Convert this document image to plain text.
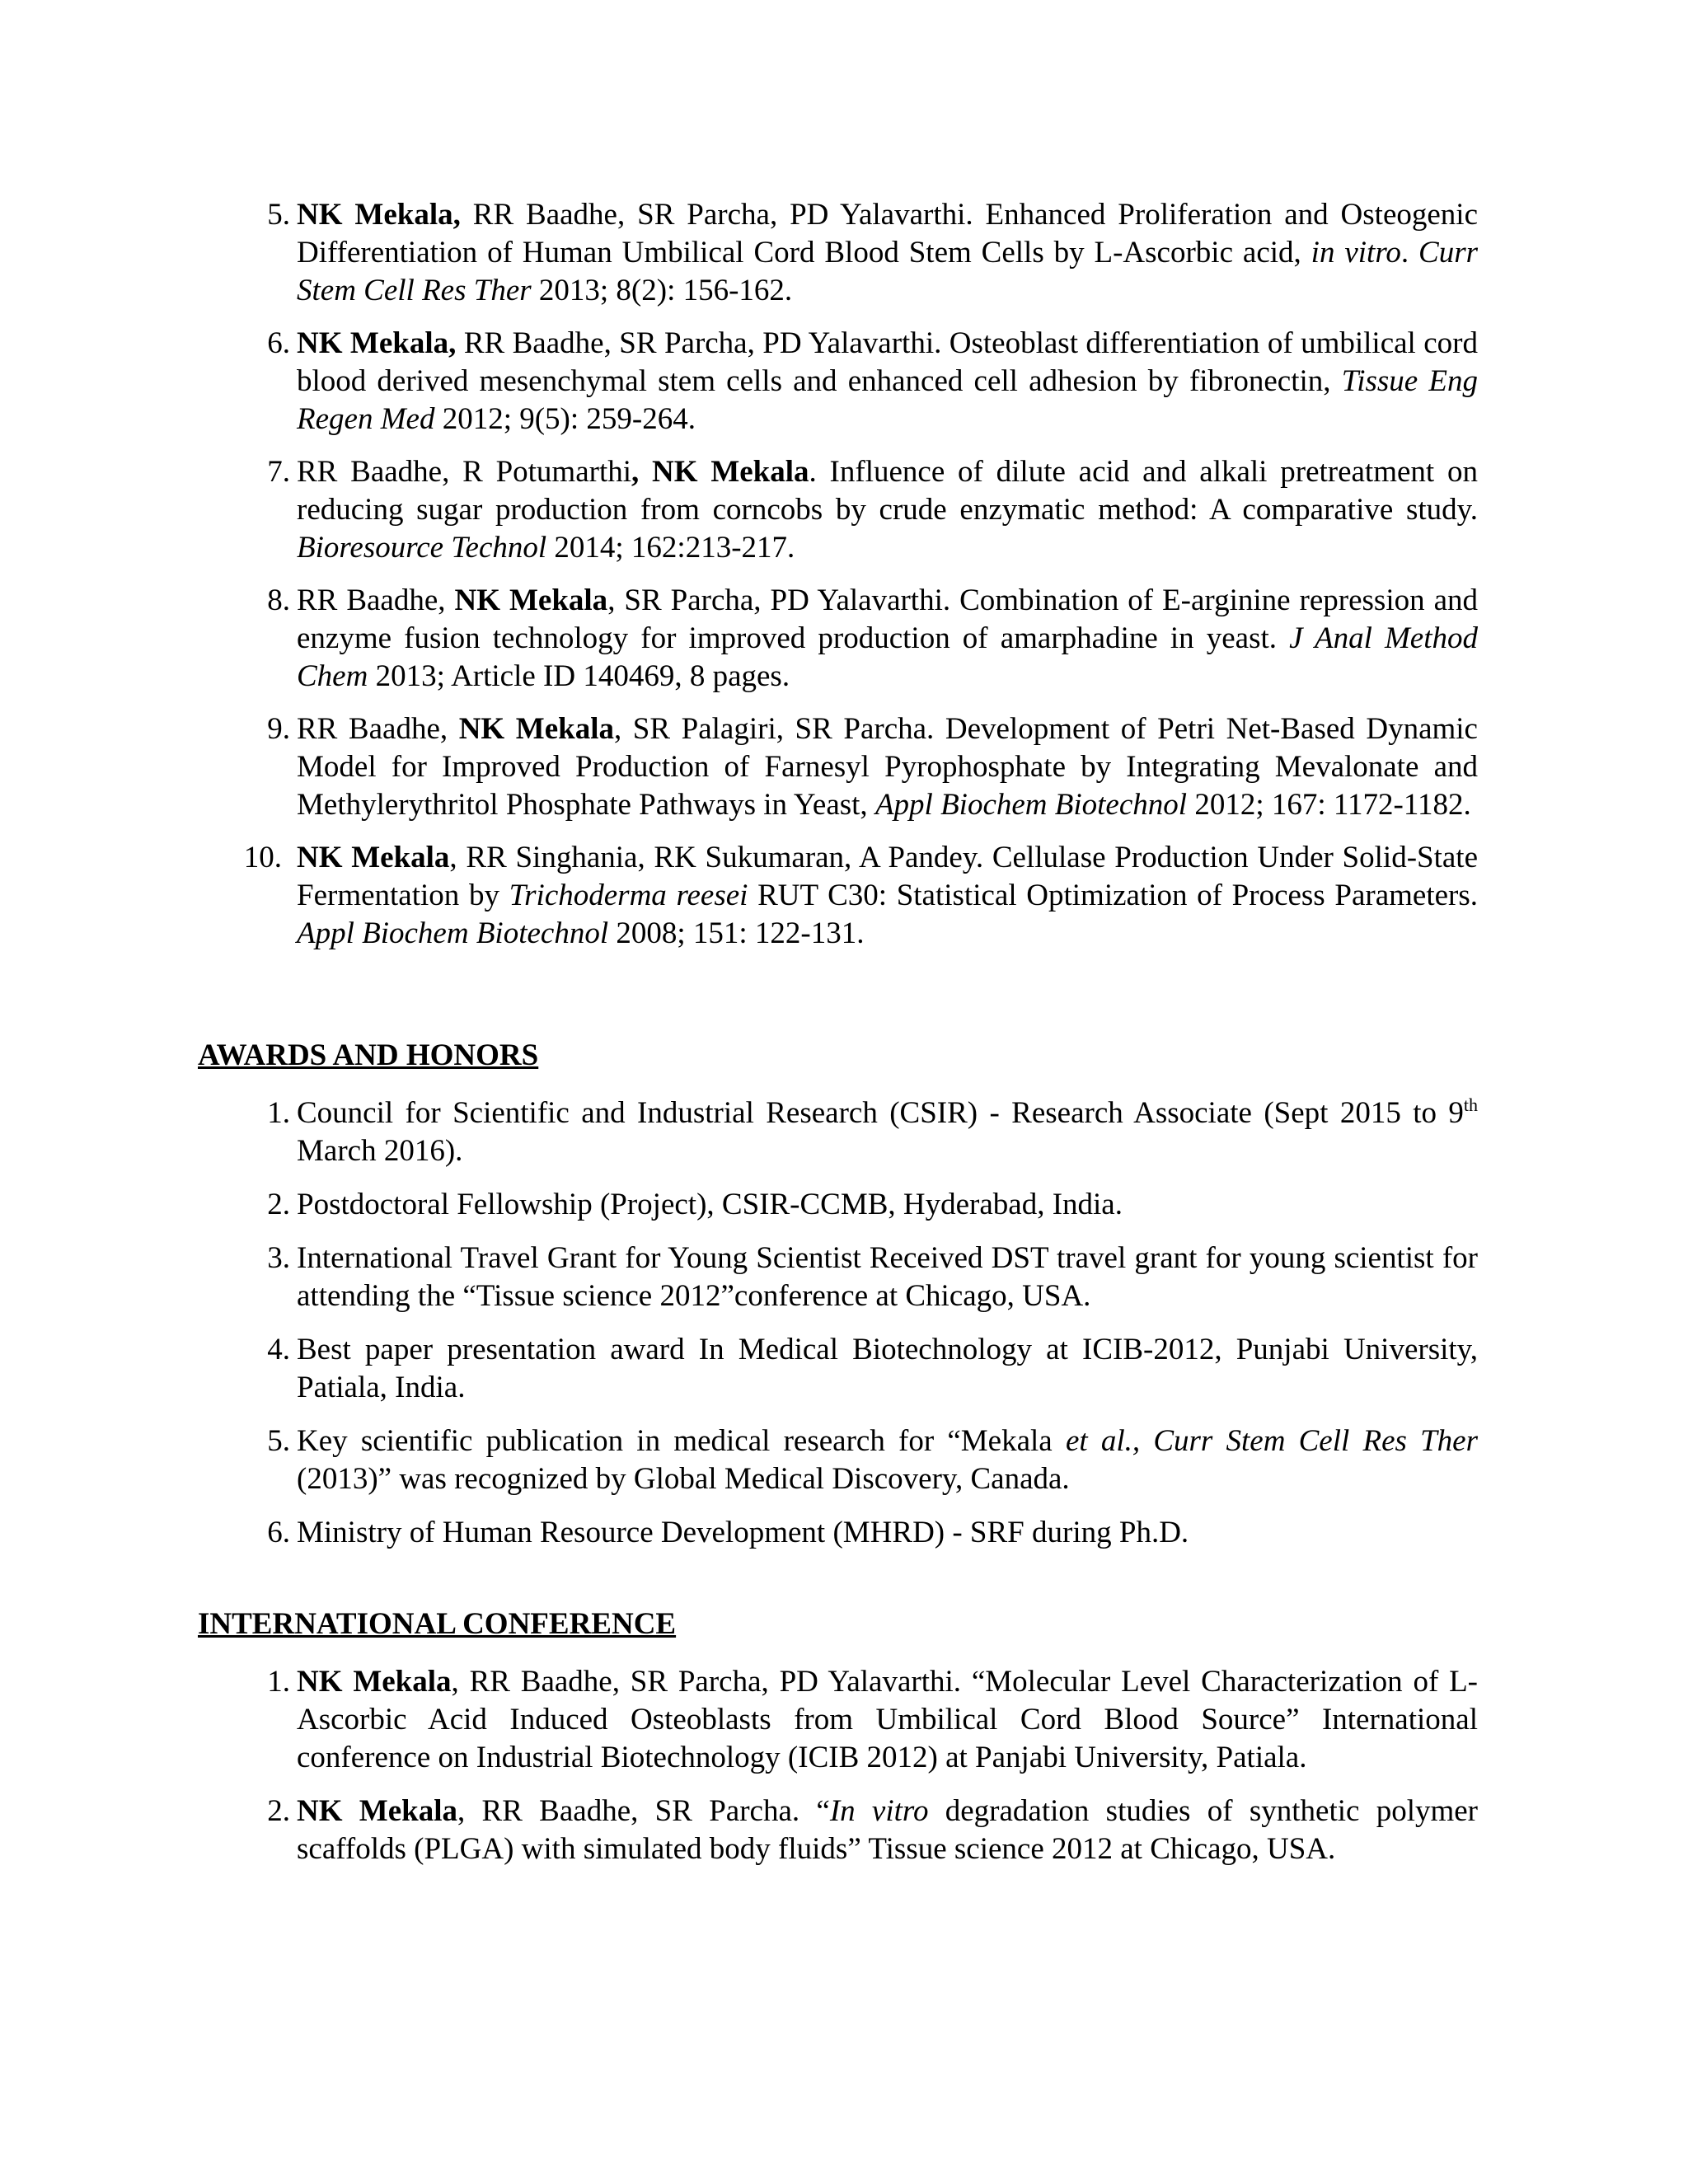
5. NK Mekala, RR Baadhe, SR Parcha, PD Yalavarthi. Enhanced Proliferation and Osteogenic Differentiation of Human Umbilical Cord Blood Stem Cells by L-Ascorbic acid, in vitro. Curr Stem Cell Res Ther 2013; 8(2): 156-162.
6. NK Mekala, RR Baadhe, SR Parcha, PD Yalavarthi. Osteoblast differentiation of umbilical cord blood derived mesenchymal stem cells and enhanced cell adhesion by fibronectin, Tissue Eng Regen Med 2012; 9(5): 259-264.
7. RR Baadhe, R Potumarthi, NK Mekala. Influence of dilute acid and alkali pretreatment on reducing sugar production from corncobs by crude enzymatic method: A comparative study. Bioresource Technol 2014; 162:213-217.
8. RR Baadhe, NK Mekala, SR Parcha, PD Yalavarthi. Combination of E-arginine repression and enzyme fusion technology for improved production of amarphadine in yeast. J Anal Method Chem 2013; Article ID 140469, 8 pages.
9. RR Baadhe, NK Mekala, SR Palagiri, SR Parcha. Development of Petri Net-Based Dynamic Model for Improved Production of Farnesyl Pyrophosphate by Integrating Mevalonate and Methylerythritol Phosphate Pathways in Yeast, Appl Biochem Biotechnol 2012; 167: 1172-1182.
10. NK Mekala, RR Singhania, RK Sukumaran, A Pandey. Cellulase Production Under Solid-State Fermentation by Trichoderma reesei RUT C30: Statistical Optimization of Process Parameters. Appl Biochem Biotechnol 2008; 151: 122-131.
AWARDS AND HONORS
1. Council for Scientific and Industrial Research (CSIR) - Research Associate (Sept 2015 to 9th March 2016).
2. Postdoctoral Fellowship (Project), CSIR-CCMB, Hyderabad, India.
3. International Travel Grant for Young Scientist Received DST travel grant for young scientist for attending the “Tissue science 2012”conference at Chicago, USA.
4. Best paper presentation award In Medical Biotechnology at ICIB-2012, Punjabi University, Patiala, India.
5. Key scientific publication in medical research for “Mekala et al., Curr Stem Cell Res Ther (2013)” was recognized by Global Medical Discovery, Canada.
6. Ministry of Human Resource Development (MHRD) - SRF during Ph.D.
INTERNATIONAL CONFERENCE
1. NK Mekala, RR Baadhe, SR Parcha, PD Yalavarthi. “Molecular Level Characterization of L-Ascorbic Acid Induced Osteoblasts from Umbilical Cord Blood Source” International conference on Industrial Biotechnology (ICIB 2012) at Panjabi University, Patiala.
2. NK Mekala, RR Baadhe, SR Parcha. “In vitro degradation studies of synthetic polymer scaffolds (PLGA) with simulated body fluids” Tissue science 2012 at Chicago, USA.
